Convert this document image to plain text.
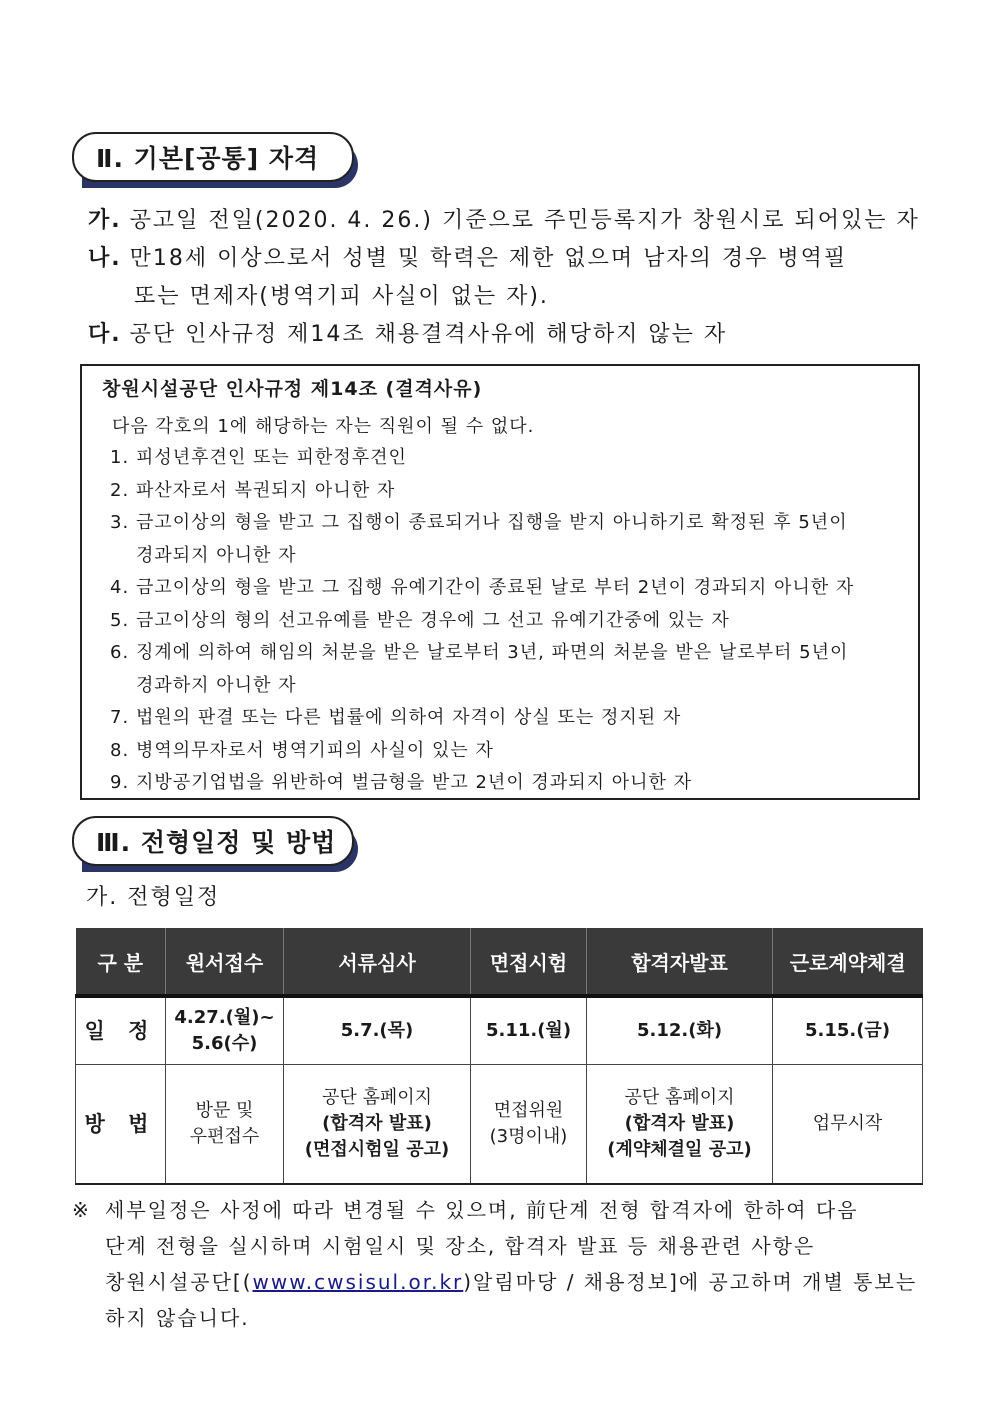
Ⅱ. 기본[공통] 자격
가. 공고일 전일(2020. 4. 26.) 기준으로 주민등록지가 창원시로 되어있는 자
나. 만18세 이상으로서 성별 및 학력은 제한 없으며 남자의 경우 병역필
또는 면제자(병역기피 사실이 없는 자).
다. 공단 인사규정 제14조 채용결격사유에 해당하지 않는 자
창원시설공단 인사규정 제14조 (결격사유)
다음 각호의 1에 해당하는 자는 직원이 될 수 없다.
1. 피성년후견인 또는 피한정후견인
2. 파산자로서 복권되지 아니한 자
3. 금고이상의 형을 받고 그 집행이 종료되거나 집행을 받지 아니하기로 확정된 후 5년이
경과되지 아니한 자
4. 금고이상의 형을 받고 그 집행 유예기간이 종료된 날로 부터 2년이 경과되지 아니한 자
5. 금고이상의 형의 선고유예를 받은 경우에 그 선고 유예기간중에 있는 자
6. 징계에 의하여 해임의 처분을 받은 날로부터 3년, 파면의 처분을 받은 날로부터 5년이
경과하지 아니한 자
7. 법원의 판결 또는 다른 법률에 의하여 자격이 상실 또는 정지된 자
8. 병역의무자로서 병역기피의 사실이 있는 자
9. 지방공기업법을 위반하여 벌금형을 받고 2년이 경과되지 아니한 자
Ⅲ. 전형일정 및 방법
가. 전형일정
구 분	원서접수	서류심사	면접시험	합격자발표	근로계약체결
일 정	4.27.(월)~
5.6(수)	5.7.(목)	5.11.(월)	5.12.(화)	5.15.(금)
방 법	방문 및
우편접수	공단 홈페이지
(합격자 발표)
(면접시험일 공고)	면접위원
(3명이내)	공단 홈페이지
(합격자 발표)
(계약체결일 공고)	업무시작
※ 세부일정은 사정에 따라 변경될 수 있으며, 前단계 전형 합격자에 한하여 다음
단계 전형을 실시하며 시험일시 및 장소, 합격자 발표 등 채용관련 사항은
창원시설공단[(www.cwsisul.or.kr)알림마당 / 채용정보]에 공고하며 개별 통보는
하지 않습니다.
